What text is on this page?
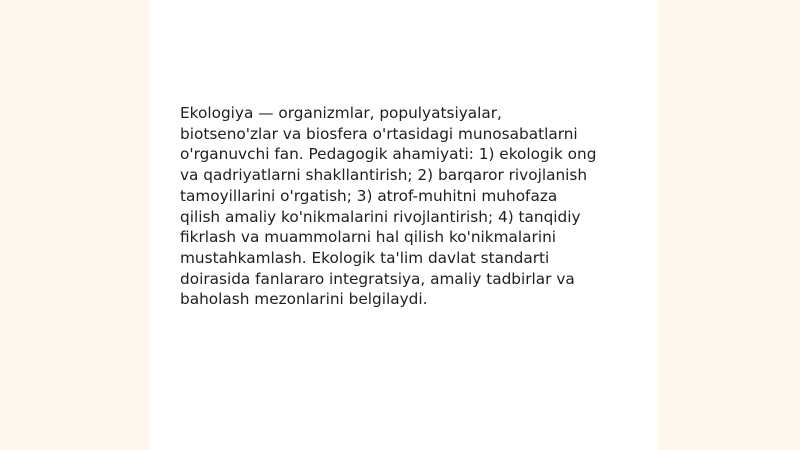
Ekologiya — organizmlar, populyatsiyalar,
biotseno'zlar va biosfera o'rtasidagi munosabatlarni
o'rganuvchi fan. Pedagogik ahamiyati: 1) ekologik ong
va qadriyatlarni shakllantirish; 2) barqaror rivojlanish
tamoyillarini o'rgatish; 3) atrof-muhitni muhofaza
qilish amaliy ko'nikmalarini rivojlantirish; 4) tanqidiy
fikrlash va muammolarni hal qilish ko'nikmalarini
mustahkamlash. Ekologik ta'lim davlat standarti
doirasida fanlararo integratsiya, amaliy tadbirlar va
baholash mezonlarini belgilaydi.
